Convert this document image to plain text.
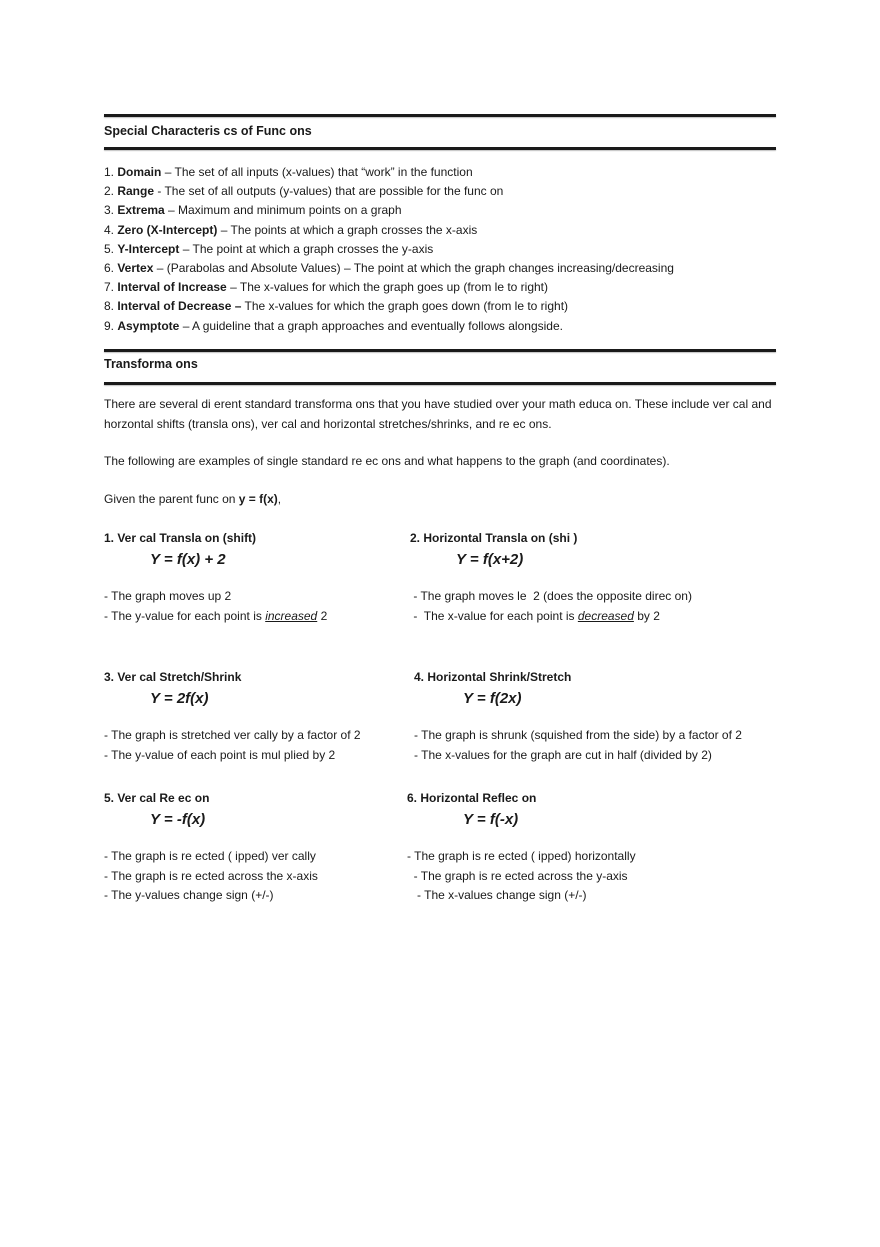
Special Characteris cs of Func ons
1. Domain – The set of all inputs (x-values) that “work” in the function
2. Range - The set of all outputs (y-values) that are possible for the func on
3. Extrema – Maximum and minimum points on a graph
4. Zero (X-Intercept) – The points at which a graph crosses the x-axis
5. Y-Intercept – The point at which a graph crosses the y-axis
6. Vertex – (Parabolas and Absolute Values) – The point at which the graph changes increasing/decreasing
7. Interval of Increase – The x-values for which the graph goes up (from le to right)
8. Interval of Decrease – The x-values for which the graph goes down (from le to right)
9. Asymptote – A guideline that a graph approaches and eventually follows alongside.
Transforma ons

There are several di erent standard transforma ons that you have studied over your math educa on. These include ver cal and horzontal shifts (transla ons), ver cal and horizontal stretches/shrinks, and re ec ons.

The following are examples of single standard re ec ons and what happens to the graph (and coordinates).

Given the parent func on y = f(x),

1. Ver cal Transla on (shift)
Y = f(x) + 2
- The graph moves up 2
- The y-value for each point is increased 2
2. Horizontal Transla on (shi )
Y = f(x+2)
- The graph moves le  2 (does the opposite direc on)
-  The x-value for each point is decreased by 2
3. Ver cal Stretch/Shrink
Y = 2f(x)
- The graph is stretched ver cally by a factor of 2
- The y-value of each point is mul plied by 2
4. Horizontal Shrink/Stretch
Y = f(2x)
- The graph is shrunk (squished from the side) by a factor of 2
- The x-values for the graph are cut in half (divided by 2)
5. Ver cal Re ec on
Y = -f(x)
- The graph is re ected ( ipped) ver cally
- The graph is re ected across the x-axis
- The y-values change sign (+/-)
6. Horizontal Reflec on
Y = f(-x)
- The graph is re ected ( ipped) horizontally
- The graph is re ected across the y-axis
- The x-values change sign (+/-)
